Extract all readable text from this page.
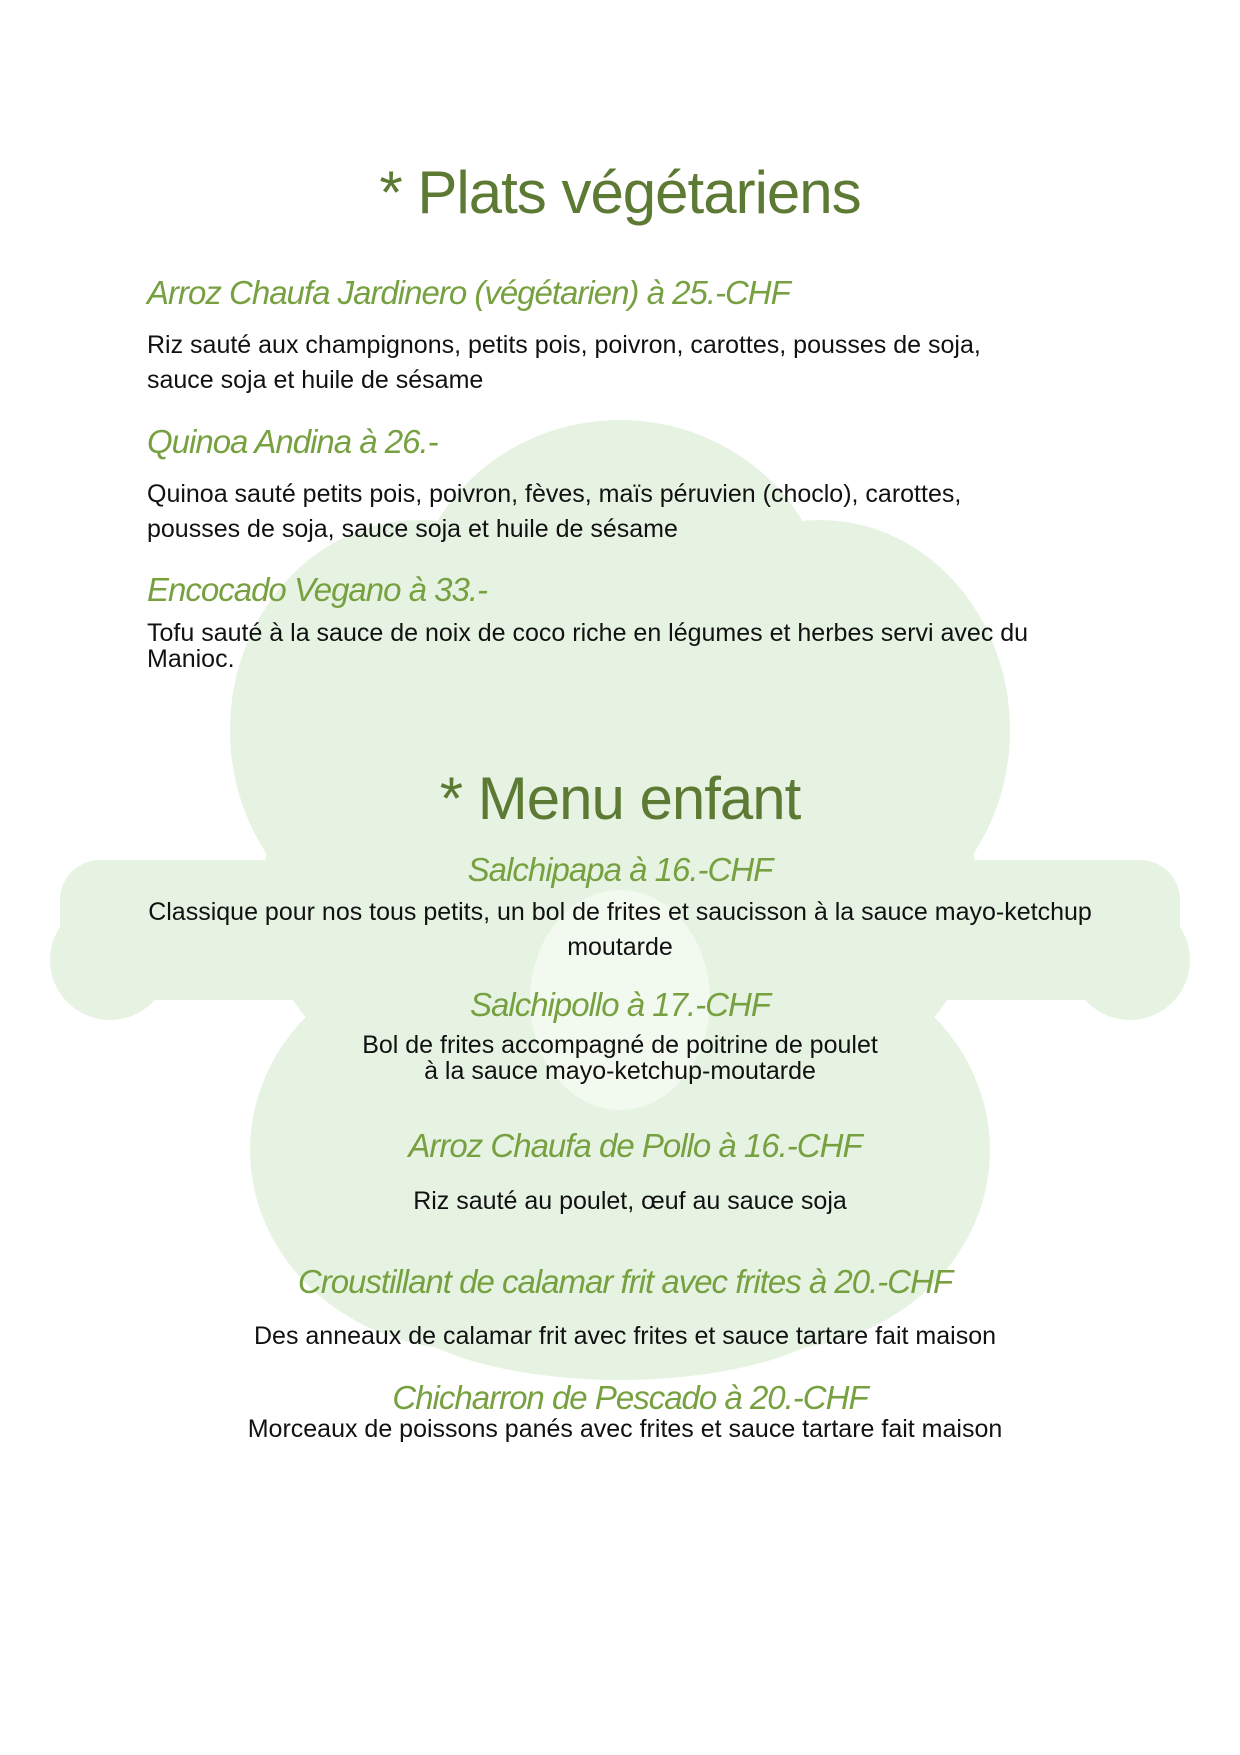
* Plats végétariens
Arroz Chaufa Jardinero (végétarien) à 25.-CHF

Riz sauté aux champignons, petits pois, poivron, carottes, pousses de soja,
sauce soja et huile de sésame

Quinoa Andina à 26.-

Quinoa sauté petits pois, poivron, fèves, maïs péruvien (choclo), carottes,
pousses de soja, sauce soja et huile de sésame

Encocado Vegano à 33.-

Tofu sauté à la sauce de noix de coco riche en légumes et herbes servi avec du
Manioc.

* Menu enfant
Salchipapa à 16.-CHF

Classique pour nos tous petits, un bol de frites et saucisson à la sauce mayo-ketchup
moutarde

Salchipollo à 17.-CHF

Bol de frites accompagné de poitrine de poulet
à la sauce mayo-ketchup-moutarde

Arroz Chaufa de Pollo à 16.-CHF

Riz sauté au poulet, œuf au sauce soja

Croustillant de calamar frit avec frites à 20.-CHF

Des anneaux de calamar frit avec frites et sauce tartare fait maison

Chicharron de Pescado à 20.-CHF

Morceaux de poissons panés avec frites et sauce tartare fait maison
